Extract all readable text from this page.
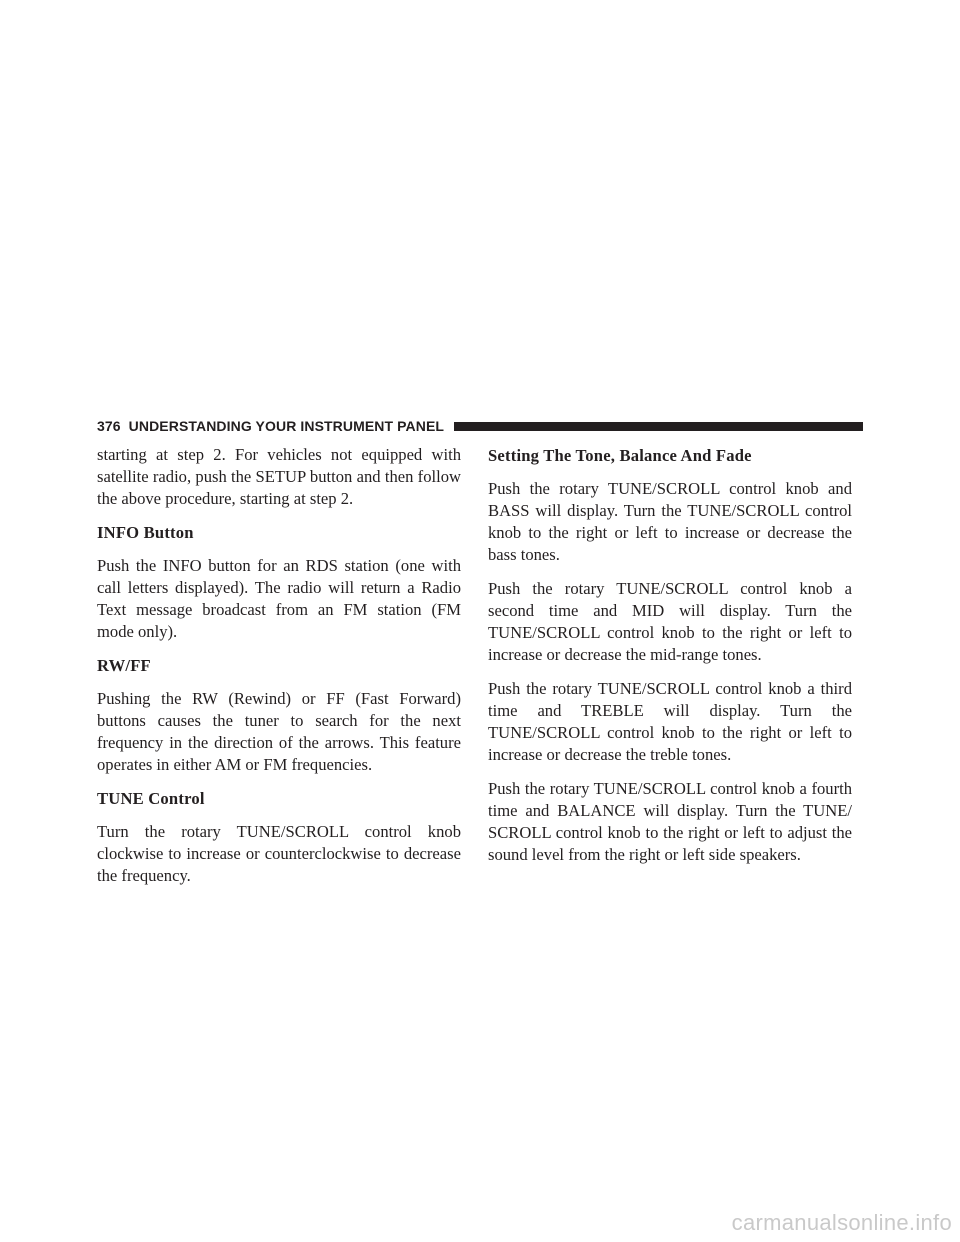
376 UNDERSTANDING YOUR INSTRUMENT PANEL

starting at step 2. For vehicles not equipped with satellite radio, push the SETUP button and then follow the above procedure, starting at step 2.

INFO Button

Push the INFO button for an RDS station (one with call letters displayed). The radio will return a Radio Text message broadcast from an FM station (FM mode only).

RW/FF

Pushing the RW (Rewind) or FF (Fast Forward) buttons causes the tuner to search for the next frequency in the direction of the arrows. This feature operates in either AM or FM frequencies.

TUNE Control

Turn the rotary TUNE/SCROLL control knob clockwise to increase or counterclockwise to decrease the frequency.

Setting The Tone, Balance And Fade

Push the rotary TUNE/SCROLL control knob and BASS will display. Turn the TUNE/SCROLL control knob to the right or left to increase or decrease the bass tones.

Push the rotary TUNE/SCROLL control knob a second time and MID will display. Turn the TUNE/SCROLL control knob to the right or left to increase or decrease the mid-range tones.

Push the rotary TUNE/SCROLL control knob a third time and TREBLE will display. Turn the TUNE/SCROLL control knob to the right or left to increase or decrease the treble tones.

Push the rotary TUNE/SCROLL control knob a fourth time and BALANCE will display. Turn the TUNE/ SCROLL control knob to the right or left to adjust the sound level from the right or left side speakers.

carmanualsonline.info
